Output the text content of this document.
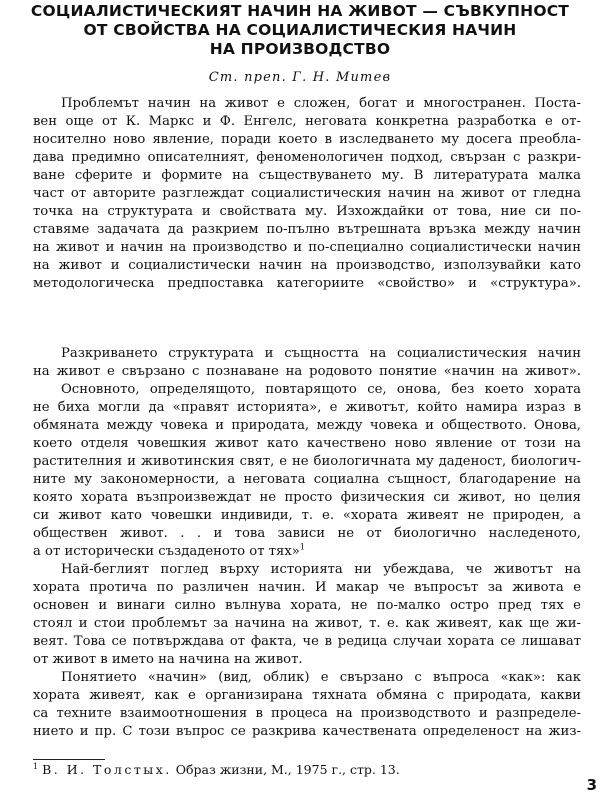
СОЦИАЛИСТИЧЕСКИЯТ НАЧИН НА ЖИВОТ — СЪВКУПНОСТ
ОТ СВОЙСТВА НА СОЦИАЛИСТИЧЕСКИЯ НАЧИН
НА ПРОИЗВОДСТВО
Ст. преп. Г. Н. Митев
Проблемът начин на живот е сложен, богат и многостранен. Поста-
вен още от К. Маркс и Ф. Енгелс, неговата конкретна разработка е от-
носително ново явление, поради което в изследването му досега преобла-
дава предимно описателният, феноменологичен подход, свързан с разкри-
ване сферите и формите на съществуването му. В литературата малка
част от авторите разглеждат социалистическия начин на живот от гледна
точка на структурата и свойствата му. Изхождайки от това, ние си по-
ставяме задачата да разкрием по-пълно вътрешната връзка между начин
на живот и начин на производство и по-специално социалистически начин
на живот и социалистически начин на производство, използувайки като
методологическа предпоставка категориите «свойство» и «структура».
Разкриването структурата и същността на социалистическия начин
на живот е свързано с познаване на родовото понятие «начин на живот».
Основното, определящото, повтарящото се, онова, без което хората
не биха могли да «правят историята», е животът, който намира израз в
обмяната между човека и природата, между човека и обществото. Онова,
което отделя човешкия живот като качествено ново явление от този на
растителния и животинския свят, е не биологичната му даденост, биологич-
ните му закономерности, а неговата социална същност, благодарение на
която хората възпроизвеждат не просто физическия си живот, но целия
си живот като човешки индивиди, т. е. «хората живеят не природен, а
обществен живот. . . и това зависи не от биологично наследеното,
а от исторически създаденото от тях»$^1$
Най-беглият поглед върху историята ни убеждава, че животът на
хората протича по различен начин. И макар че въпросът за живота е
основен и винаги силно вълнува хората, не по-малко остро пред тях е
стоял и стои проблемът за начина на живот, т. е. как живеят, как ще жи-
веят. Това се потвърждава от факта, че в редица случаи хората се лишават
от живот в името на начина на живот.
Понятието «начин» (вид, облик) е свързано с въпроса «как»: как
хората живеят, как е организирана тяхната обмяна с природата, какви
са техните взаимоотношения в процеса на производството и разпределе-
нието и пр. С този въпрос се разкрива качествената определеност на жиз-
$^1$ В. И. Толстых. Образ жизни, М., 1975 г., стр. 13.
3
